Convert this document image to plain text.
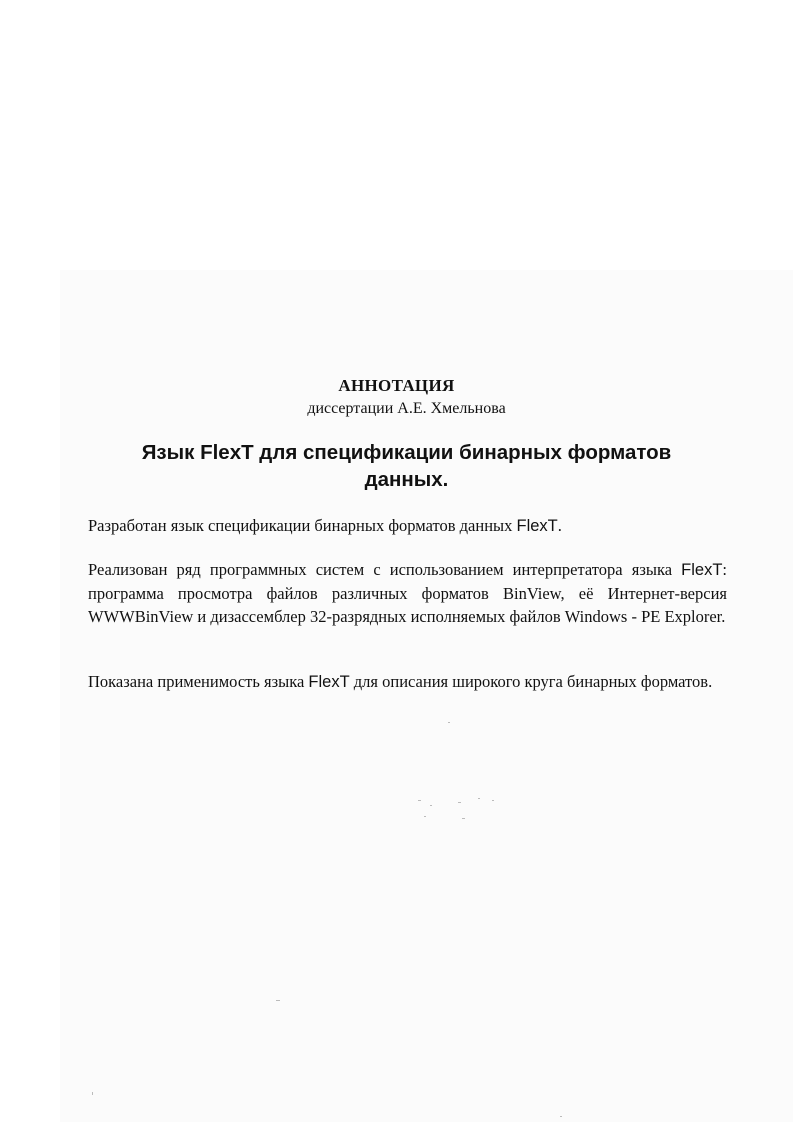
АННОТАЦИЯ
диссертации А.Е. Хмельнова
Язык FlexT для спецификации бинарных форматов
данных.
Разработан язык спецификации бинарных форматов данных FlexT.
Реализован ряд программных систем с использованием интерпретатора языка FlexT: программа просмотра файлов различных форматов BinView, её Интернет-версия WWWBinView и дизассемблер 32-разрядных исполняемых файлов Windows - PE Explorer.
Показана применимость языка FlexT для описания широкого круга бинарных форматов.
